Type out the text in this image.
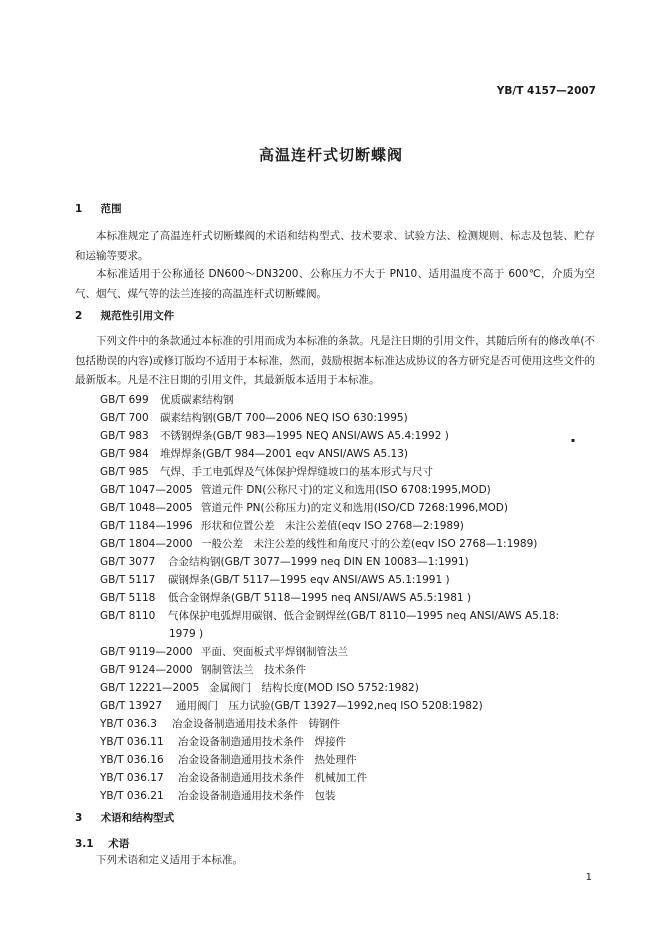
YB/T 4157—2007
高温连杆式切断蝶阀
1 范围
本标准规定了高温连杆式切断蝶阀的术语和结构型式、技术要求、试验方法、检测规则、标志及包装、贮存和运输等要求。
本标准适用于公称通径 DN600～DN3200、公称压力不大于 PN10、适用温度不高于 600℃，介质为空气、烟气、煤气等的法兰连接的高温连杆式切断蝶阀。
2 规范性引用文件
下列文件中的条款通过本标准的引用而成为本标准的条款。凡是注日期的引用文件，其随后所有的修改单(不包括勘误的内容)或修订版均不适用于本标准，然而，鼓励根据本标准达成协议的各方研究是否可使用这些文件的最新版本。凡是不注日期的引用文件，其最新版本适用于本标准。
GB/T 699 优质碳素结构钢
GB/T 700 碳素结构钢(GB/T 700—2006 NEQ ISO 630:1995)
GB/T 983 不锈钢焊条(GB/T 983—1995 NEQ ANSI/AWS A5.4:1992 )
GB/T 984 堆焊焊条(GB/T 984—2001 eqv ANSI/AWS A5.13)
GB/T 985 气焊、手工电弧焊及气体保护焊焊缝坡口的基本形式与尺寸
GB/T 1047—2005 管道元件 DN(公称尺寸)的定义和选用(ISO 6708:1995,MOD)
GB/T 1048—2005 管道元件 PN(公称压力)的定义和选用(ISO/CD 7268:1996,MOD)
GB/T 1184—1996 形状和位置公差　未注公差值(eqv ISO 2768—2:1989)
GB/T 1804—2000 一般公差　未注公差的线性和角度尺寸的公差(eqv ISO 2768—1:1989)
GB/T 3077 合金结构钢(GB/T 3077—1999 neq DIN EN 10083—1:1991)
GB/T 5117 碳钢焊条(GB/T 5117—1995 eqv ANSI/AWS A5.1:1991 )
GB/T 5118 低合金钢焊条(GB/T 5118—1995 neq ANSI/AWS A5.5:1981 )
GB/T 8110 气体保护电弧焊用碳钢、低合金钢焊丝(GB/T 8110—1995 neq ANSI/AWS A5.18:
1979 )
GB/T 9119—2000 平面、突面板式平焊钢制管法兰
GB/T 9124—2000 钢制管法兰　技术条件
GB/T 12221—2005 金属阀门　结构长度(MOD ISO 5752:1982)
GB/T 13927 通用阀门　压力试验(GB/T 13927—1992,neq ISO 5208:1982)
YB/T 036.3 冶金设备制造通用技术条件　铸钢件
YB/T 036.11 冶金设备制造通用技术条件　焊接件
YB/T 036.16 冶金设备制造通用技术条件　热处理件
YB/T 036.17 冶金设备制造通用技术条件　机械加工件
YB/T 036.21 冶金设备制造通用技术条件　包装
▪
3 术语和结构型式
3.1 术语
下列术语和定义适用于本标准。
1
